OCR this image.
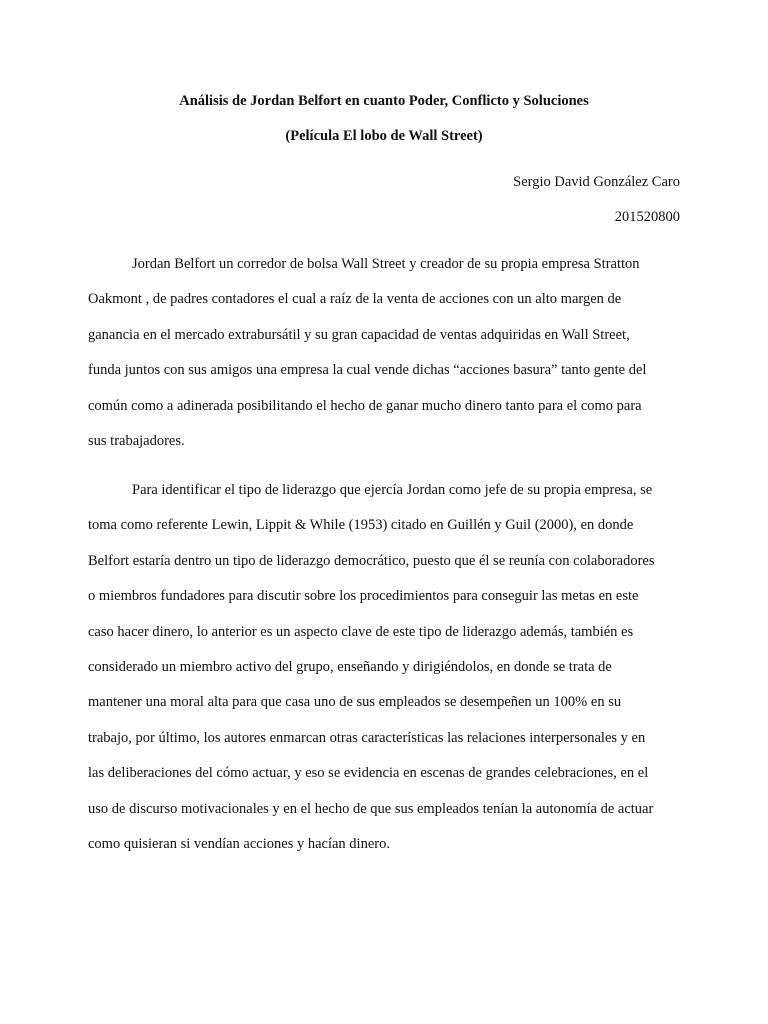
Análisis de Jordan Belfort en cuanto Poder, Conflicto y Soluciones
(Película El lobo de Wall Street)

Sergio David González Caro

201520800

Jordan Belfort un corredor de bolsa Wall Street y creador de su propia empresa Stratton
Oakmont , de padres contadores el cual a raíz de la venta de acciones con un alto margen de
ganancia en el mercado extrabursátil y su gran capacidad de ventas adquiridas en Wall Street,
funda juntos con sus amigos una empresa la cual vende dichas “acciones basura” tanto gente del
común como a adinerada posibilitando el hecho de ganar mucho dinero tanto para el como para
sus trabajadores.
Para identificar el tipo de liderazgo que ejercía Jordan como jefe de su propia empresa, se
toma como referente Lewin, Lippit & While (1953) citado en Guillén y Guil (2000), en donde
Belfort estaría dentro un tipo de liderazgo democrático, puesto que él se reunía con colaboradores
o miembros fundadores para discutir sobre los procedimientos para conseguir las metas en este
caso hacer dinero, lo anterior es un aspecto clave de este tipo de liderazgo además, también es
considerado un miembro activo del grupo, enseñando y dirigiéndolos, en donde se trata de
mantener una moral alta para que casa uno de sus empleados se desempeñen un 100% en su
trabajo, por último, los autores enmarcan otras características las relaciones interpersonales y en
las deliberaciones del cómo actuar, y eso se evidencia en escenas de grandes celebraciones, en el
uso de discurso motivacionales y en el hecho de que sus empleados tenían la autonomía de actuar
como quisieran si vendían acciones y hacían dinero.
